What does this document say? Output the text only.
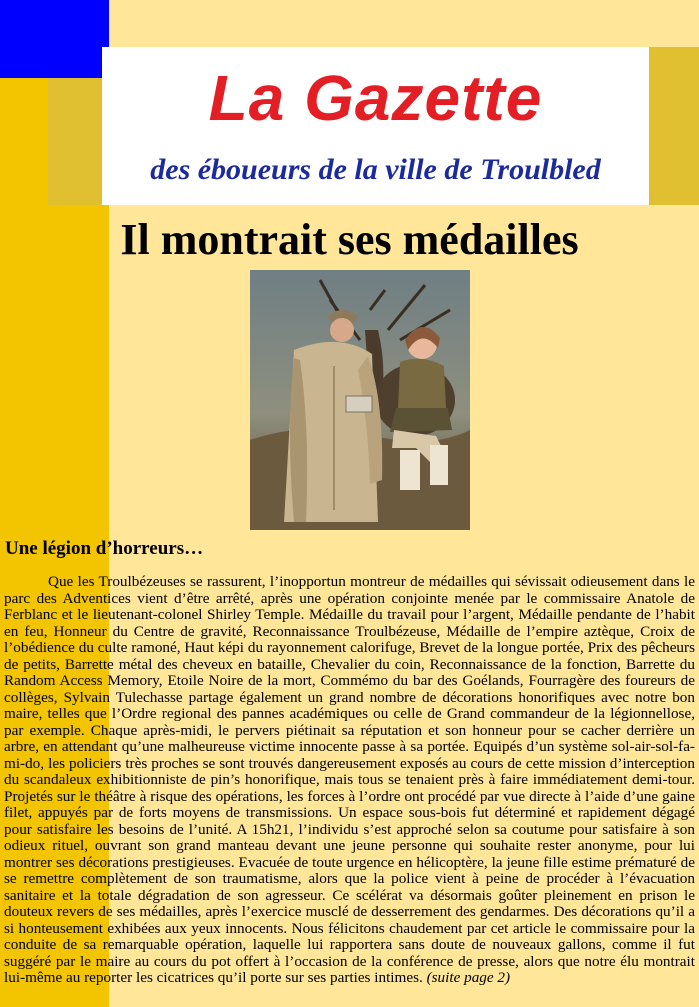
La Gazette
des éboueurs de la ville de Troulbled
Il montrait ses médailles
Une légion d’horreurs…

Que les Troulbézeuses se rassurent, l’inopportun montreur de médailles qui sévissait odieusement dans le parc des Adventices vient d’être arrêté, après une opération conjointe menée par le commissaire Anatole de Ferblanc et le lieutenant-colonel Shirley Temple. Médaille du travail pour l’argent, Médaille pendante de l’habit en feu, Honneur du Centre de gravité, Reconnaissance Troulbézeuse, Médaille de l’empire aztèque, Croix de l’obédience du culte ramoné, Haut képi du rayonnement calorifuge, Brevet de la longue portée, Prix des pêcheurs de petits, Barrette métal des cheveux en bataille, Chevalier du coin, Reconnaissance de la fonction, Barrette du Random Access Memory, Etoile Noire de la mort, Commémo du bar des Goélands, Fourragère des foureurs de collèges, Sylvain Tulechasse partage également un grand nombre de décorations honorifiques avec notre bon maire, telles que l’Ordre regional des pannes académiques ou celle de Grand commandeur de la légionnellose, par exemple. Chaque après-midi, le pervers piétinait sa réputation et son honneur pour se cacher derrière un arbre, en attendant qu’une malheureuse victime innocente passe à sa portée. Equipés d’un système sol-air-sol-fa-mi-do, les policiers très proches se sont trouvés dangereusement exposés au cours de cette mission d’interception du scandaleux exhibitionniste de pin’s honorifique, mais tous se tenaient près à faire immédiatement demi-tour. Projetés sur le théâtre à risque des opérations, les forces à l’ordre ont procédé par vue directe à l’aide d’une gaine filet, appuyés par de forts moyens de transmissions. Un espace sous-bois fut déterminé et rapidement dégagé pour satisfaire les besoins de l’unité. A 15h21, l’individu s’est approché selon sa coutume pour satisfaire à son odieux rituel, ouvrant son grand manteau devant une jeune personne qui souhaite rester anonyme, pour lui montrer ses décorations prestigieuses. Evacuée de toute urgence en hélicoptère, la jeune fille estime prématuré de se remettre complètement de son traumatisme, alors que la police vient à peine de procéder à l’évacuation sanitaire et la totale dégradation de son agresseur. Ce scélérat va désormais goûter pleinement en prison le douteux revers de ses médailles, après l’exercice musclé de desserrement des gendarmes. Des décorations qu’il a si honteusement exhibées aux yeux innocents. Nous félicitons chaudement par cet article le commissaire pour la conduite de sa remarquable opération, laquelle lui rapportera sans doute de nouveaux gallons, comme il fut suggéré par le maire au cours du pot offert à l’occasion de la conférence de presse, alors que notre élu montrait lui-même au reporter les cicatrices qu’il porte sur ses parties intimes. (suite page 2)
